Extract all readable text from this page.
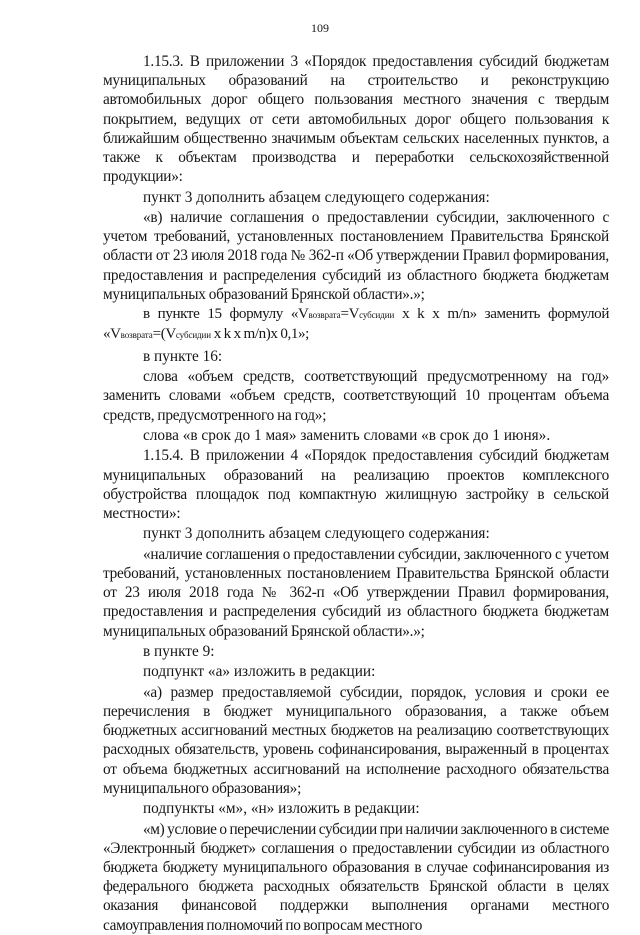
109

1.15.3. В приложении 3 «Порядок предоставления субсидий бюджетам муниципальных образований на строительство и реконструкцию автомобильных дорог общего пользования местного значения с твердым покрытием, ведущих от сети автомобильных дорог общего пользования к ближайшим общественно значимым объектам сельских населенных пунктов, а также к объектам производства и переработки сельскохозяйственной продукции»:

пункт 3 дополнить абзацем следующего содержания:

«в) наличие соглашения о предоставлении субсидии, заключенного с учетом требований, установленных постановлением Правительства Брянской области от 23 июля 2018 года № 362-п «Об утверждении Правил формирования, предоставления и распределения субсидий из областного бюджета бюджетам муниципальных образований Брянской области».»;

в пункте 15 формулу «Vвозврата=Vсубсидии x k x m/n» заменить формулой «Vвозврата=(Vсубсидии x k x m/n)x 0,1»;

в пункте 16:

слова «объем средств, соответствующий предусмотренному на год» заменить словами «объем средств, соответствующий 10 процентам объема средств, предусмотренного на год»;

слова «в срок до 1 мая» заменить словами «в срок до 1 июня».

1.15.4. В приложении 4 «Порядок предоставления субсидий бюджетам муниципальных образований на реализацию проектов комплексного обустройства площадок под компактную жилищную застройку в сельской местности»:

пункт 3 дополнить абзацем следующего содержания:

«наличие соглашения о предоставлении субсидии, заключенного с учетом требований, установленных постановлением Правительства Брянской области от 23 июля 2018 года № 362-п «Об утверждении Правил формирования, предоставления и распределения субсидий из областного бюджета бюджетам муниципальных образований Брянской области».»;

в пункте 9:

подпункт «а» изложить в редакции:

«а) размер предоставляемой субсидии, порядок, условия и сроки ее перечисления в бюджет муниципального образования, а также объем бюджетных ассигнований местных бюджетов на реализацию соответствующих расходных обязательств, уровень софинансирования, выраженный в процентах от объема бюджетных ассигнований на исполнение расходного обязательства муниципального образования»;

подпункты «м», «н» изложить в редакции:

«м) условие о перечислении субсидии при наличии заключенного в системе «Электронный бюджет» соглашения о предоставлении субсидии из областного бюджета бюджету муниципального образования в случае софинансирования из федерального бюджета расходных обязательств Брянской области в целях оказания финансовой поддержки выполнения органами местного самоуправления полномочий по вопросам местного
